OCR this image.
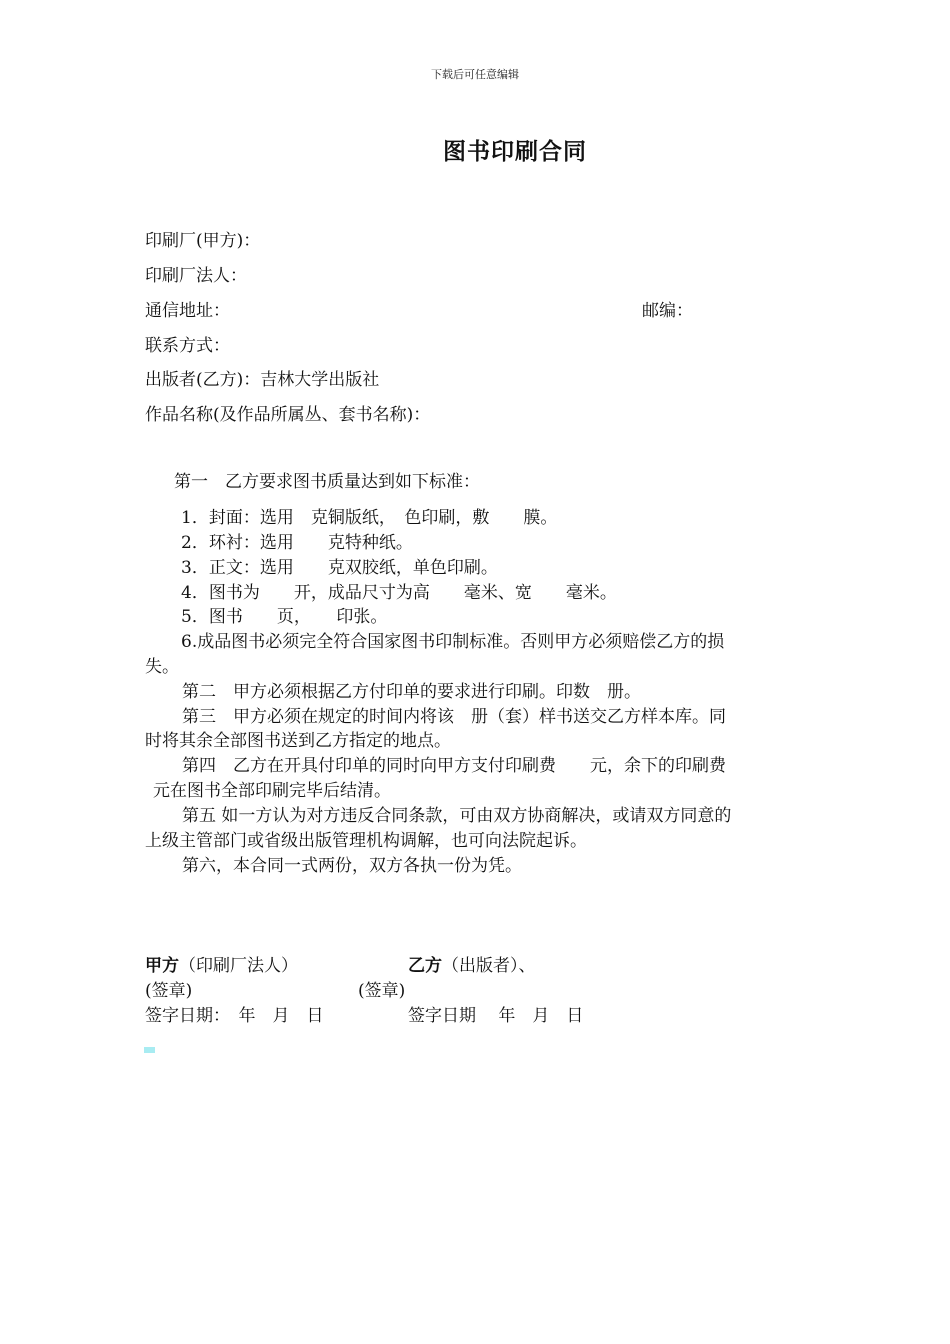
下载后可任意编辑
图书印刷合同
印刷厂(甲方)：
印刷厂法人：
通信地址：	邮编：
联系方式：
出版者(乙方)：吉林大学出版社
作品名称(及作品所属丛、套书名称)：
第一　乙方要求图书质量达到如下标准：
1．封面：选用　克铜版纸，　色印刷，敷　　膜。
2．环衬：选用　　克特种纸。
3．正文：选用　　克双胶纸，单色印刷。
4．图书为　　开，成品尺寸为高　　毫米、宽　　毫米。
5．图书　　页，　　印张。
6.成品图书必须完全符合国家图书印制标准。否则甲方必须赔偿乙方的损
失。
第二　甲方必须根据乙方付印单的要求进行印刷。印数　册。
第三　甲方必须在规定的时间内将该　册（套）样书送交乙方样本库。同
时将其余全部图书送到乙方指定的地点。
第四　乙方在开具付印单的同时向甲方支付印刷费　　元，余下的印刷费
元在图书全部印刷完毕后结清。
第五 如一方认为对方违反合同条款，可由双方协商解决，或请双方同意的
上级主管部门或省级出版管理机构调解，也可向法院起诉。
第六，本合同一式两份，双方各执一份为凭。
甲方（印刷厂法人）	乙方（出版者）、
(签章)	(签章)
签字日期：　年　月　日	签字日期　 年　月　日
